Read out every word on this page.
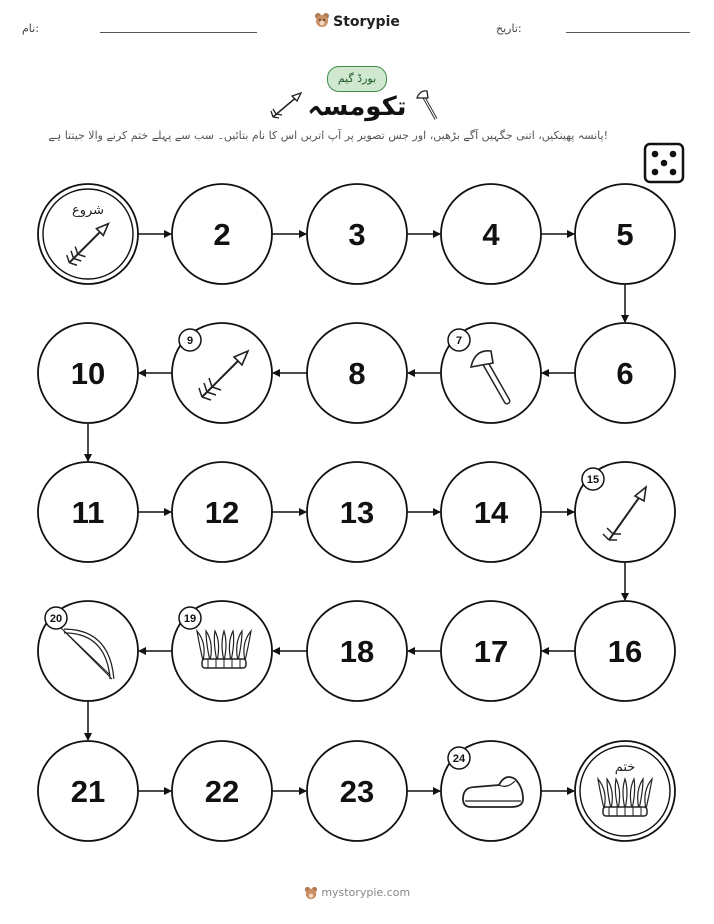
نام:	Storypie	تاریخ:
بورڈ گیم
تکومسہ
پانسہ پھینکیں، اتنی جگہیں آگے بڑھیں، اور جس تصویر پر آپ اتریں اس کا نام بتائیں۔ سب سے پہلے ختم کرنے والا جیتتا ہے!
شروع
2	3	4	5
6
7
8
9
10
11	12	13	14
15
16
17
18
19
20
21	22	23
24
ختم
mystorypie.com
